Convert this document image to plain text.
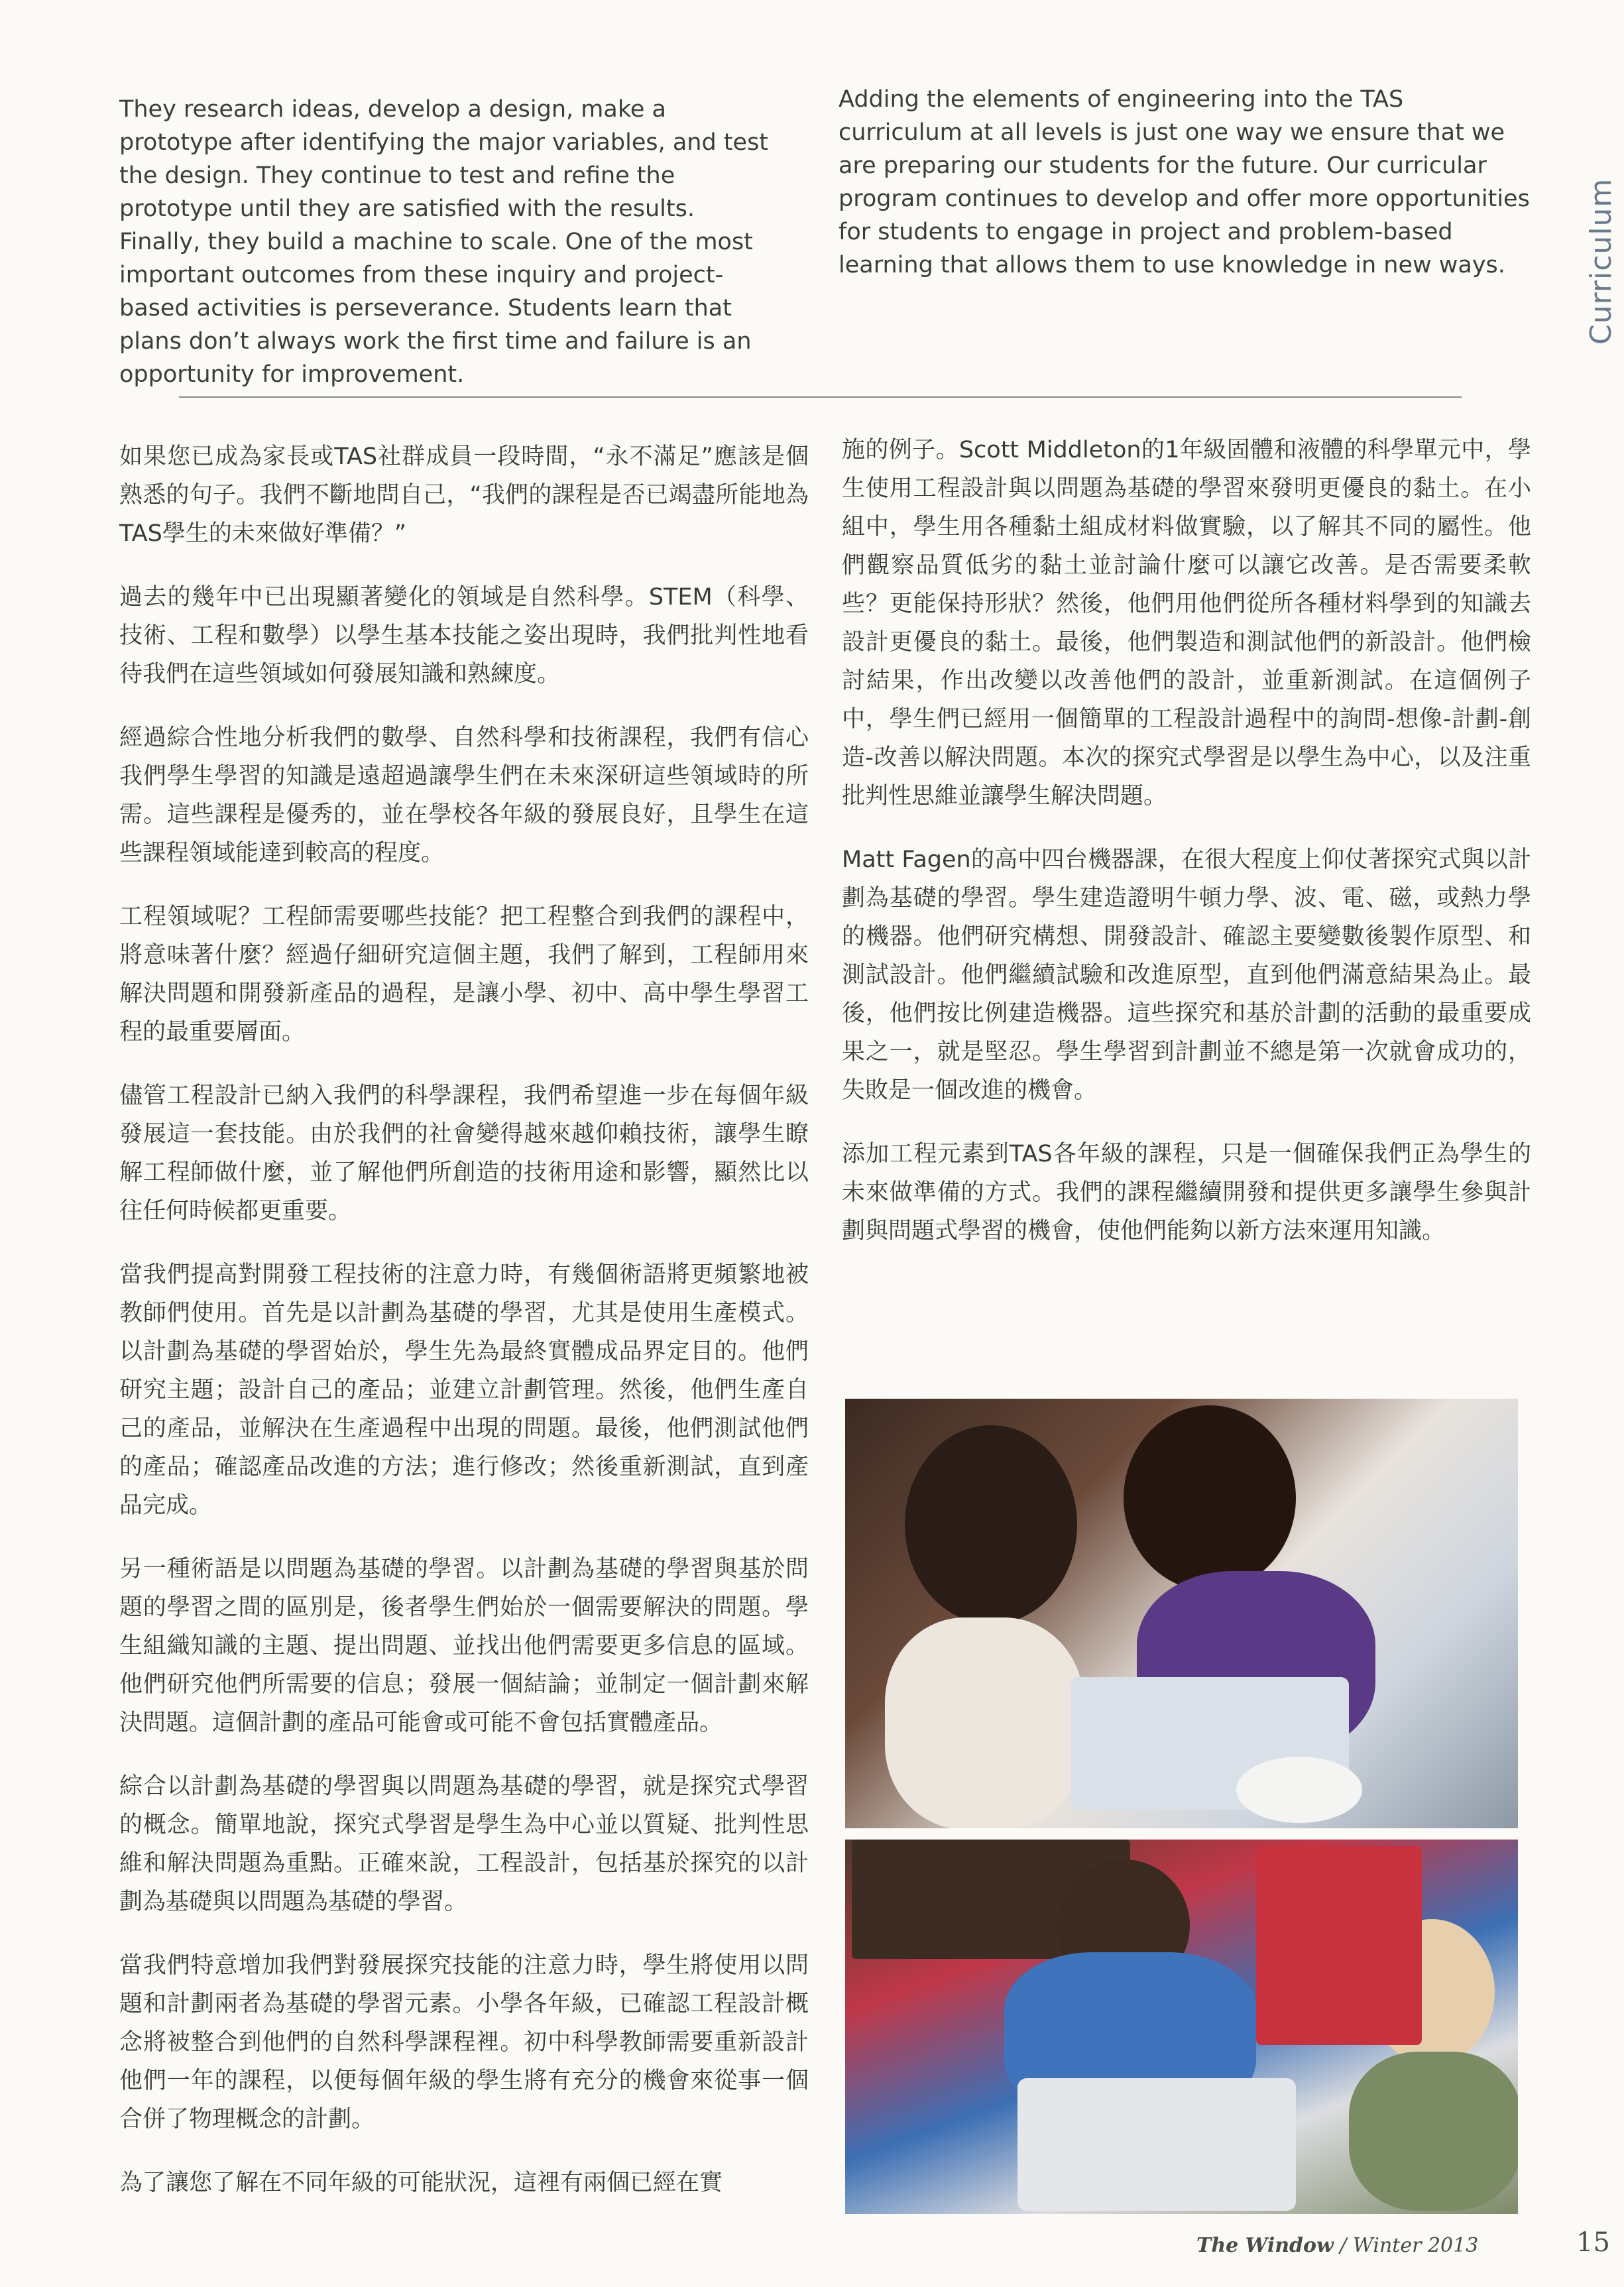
They research ideas, develop a design, make a prototype after identifying the major variables, and test the design. They continue to test and refine the prototype until they are satisfied with the results. Finally, they build a machine to scale. One of the most important outcomes from these inquiry and project-based activities is perseverance. Students learn that plans don’t always work the first time and failure is an opportunity for improvement.

Adding the elements of engineering into the TAS curriculum at all levels is just one way we ensure that we are preparing our students for the future. Our curricular program continues to develop and offer more opportunities for students to engage in project and problem-based learning that allows them to use knowledge in new ways.	Curriculum

如果您已成為家長或TAS社群成員一段時間，“永不滿足”應該是個熟悉的句子。我們不斷地問自己，“我們的課程是否已竭盡所能地為TAS學生的未來做好準備？”

過去的幾年中已出現顯著變化的領域是自然科學。STEM（科學、技術、工程和數學）以學生基本技能之姿出現時，我們批判性地看待我們在這些領域如何發展知識和熟練度。

經過綜合性地分析我們的數學、自然科學和技術課程，我們有信心我們學生學習的知識是遠超過讓學生們在未來深研這些領域時的所需。這些課程是優秀的，並在學校各年級的發展良好，且學生在這些課程領域能達到較高的程度。

工程領域呢？工程師需要哪些技能？把工程整合到我們的課程中，將意味著什麼？經過仔細研究這個主題，我們了解到，工程師用來解決問題和開發新產品的過程，是讓小學、初中、高中學生學習工程的最重要層面。

儘管工程設計已納入我們的科學課程，我們希望進一步在每個年級發展這一套技能。由於我們的社會變得越來越仰賴技術，讓學生瞭解工程師做什麼，並了解他們所創造的技術用途和影響，顯然比以往任何時候都更重要。

當我們提高對開發工程技術的注意力時，有幾個術語將更頻繁地被教師們使用。首先是以計劃為基礎的學習，尤其是使用生產模式。以計劃為基礎的學習始於，學生先為最終實體成品界定目的。他們研究主題；設計自己的產品；並建立計劃管理。然後，他們生產自己的產品，並解決在生產過程中出現的問題。最後，他們測試他們的產品；確認產品改進的方法；進行修改；然後重新測試，直到產品完成。

另一種術語是以問題為基礎的學習。以計劃為基礎的學習與基於問題的學習之間的區別是，後者學生們始於一個需要解決的問題。學生組織知識的主題、提出問題、並找出他們需要更多信息的區域。他們研究他們所需要的信息；發展一個結論；並制定一個計劃來解決問題。這個計劃的產品可能會或可能不會包括實體產品。

綜合以計劃為基礎的學習與以問題為基礎的學習，就是探究式學習的概念。簡單地說，探究式學習是學生為中心並以質疑、批判性思維和解決問題為重點。正確來說，工程設計，包括基於探究的以計劃為基礎與以問題為基礎的學習。

當我們特意增加我們對發展探究技能的注意力時，學生將使用以問題和計劃兩者為基礎的學習元素。小學各年級，已確認工程設計概念將被整合到他們的自然科學課程裡。初中科學教師需要重新設計他們一年的課程，以便每個年級的學生將有充分的機會來從事一個合併了物理概念的計劃。

為了讓您了解在不同年級的可能狀況，這裡有兩個已經在實

施的例子。Scott Middleton的1年級固體和液體的科學單元中，學生使用工程設計與以問題為基礎的學習來發明更優良的黏土。在小組中，學生用各種黏土組成材料做實驗，以了解其不同的屬性。他們觀察品質低劣的黏土並討論什麼可以讓它改善。是否需要柔軟些？更能保持形狀？然後，他們用他們從所各種材料學到的知識去設計更優良的黏土。最後，他們製造和測試他們的新設計。他們檢討結果，作出改變以改善他們的設計，並重新測試。在這個例子中，學生們已經用一個簡單的工程設計過程中的詢問-想像-計劃-創造-改善以解決問題。本次的探究式學習是以學生為中心，以及注重批判性思維並讓學生解決問題。

Matt Fagen的高中四台機器課，在很大程度上仰仗著探究式與以計劃為基礎的學習。學生建造證明牛頓力學、波、電、磁，或熱力學的機器。他們研究構想、開發設計、確認主要變數後製作原型、和測試設計。他們繼續試驗和改進原型，直到他們滿意結果為止。最後，他們按比例建造機器。這些探究和基於計劃的活動的最重要成果之一，就是堅忍。學生學習到計劃並不總是第一次就會成功的，失敗是一個改進的機會。

添加工程元素到TAS各年級的課程，只是一個確保我們正為學生的未來做準備的方式。我們的課程繼續開發和提供更多讓學生參與計劃與問題式學習的機會，使他們能夠以新方法來運用知識。

The Window / Winter 2013	15
